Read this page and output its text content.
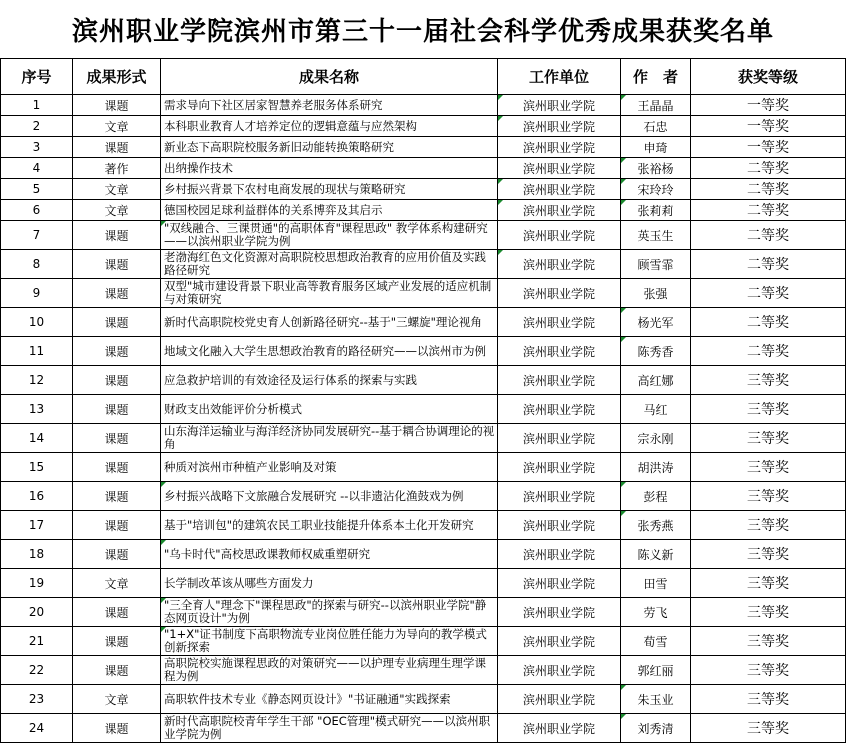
滨州职业学院滨州市第三十一届社会科学优秀成果获奖名单
序号	成果形式	成果名称	工作单位	作　者	获奖等级
1	课题	需求导向下社区居家智慧养老服务体系研究	滨州职业学院	王晶晶	一等奖
2	文章	本科职业教育人才培养定位的逻辑意蕴与应然架构	滨州职业学院	石忠	一等奖
3	课题	新业态下高职院校服务新旧动能转换策略研究	滨州职业学院	申琦	一等奖
4	著作	出纳操作技术	滨州职业学院	张裕杨	二等奖
5	文章	乡村振兴背景下农村电商发展的现状与策略研究	滨州职业学院	宋玲玲	二等奖
6	文章	德国校园足球利益群体的关系博弈及其启示	滨州职业学院	张莉莉	二等奖
7	课题	"双线融合、三课贯通"的高职体育"课程思政" 教学体系构建研究——以滨州职业学院为例	滨州职业学院	英玉生	二等奖
8	课题	老渤海红色文化资源对高职院校思想政治教育的应用价值及实践路径研究	滨州职业学院	顾雪霏	二等奖
9	课题	双型"城市建设背景下职业高等教育服务区域产业发展的适应机制与对策研究	滨州职业学院	张强	二等奖
10	课题	新时代高职院校党史育人创新路径研究--基于"三螺旋"理论视角	滨州职业学院	杨光军	二等奖
11	课题	地域文化融入大学生思想政治教育的路径研究——以滨州市为例	滨州职业学院	陈秀香	二等奖
12	课题	应急救护培训的有效途径及运行体系的探索与实践	滨州职业学院	高红娜	三等奖
13	课题	财政支出效能评价分析模式	滨州职业学院	马红	三等奖
14	课题	山东海洋运输业与海洋经济协同发展研究--基于耦合协调理论的视角	滨州职业学院	宗永刚	三等奖
15	课题	种质对滨州市种植产业影响及对策	滨州职业学院	胡洪涛	三等奖
16	课题	乡村振兴战略下文旅融合发展研究 --以非遗沾化渔鼓戏为例	滨州职业学院	彭程	三等奖
17	课题	基于"培训包"的建筑农民工职业技能提升体系本土化开发研究	滨州职业学院	张秀燕	三等奖
18	课题	"乌卡时代"高校思政课教师权威重塑研究	滨州职业学院	陈义新	三等奖
19	文章	长学制改革该从哪些方面发力	滨州职业学院	田雪	三等奖
20	课题	"三全育人"理念下"课程思政"的探索与研究--以滨州职业学院"静态网页设计"为例	滨州职业学院	劳飞	三等奖
21	课题	"1+X"证书制度下高职物流专业岗位胜任能力为导向的教学模式创新探索	滨州职业学院	荀雪	三等奖
22	课题	高职院校实施课程思政的对策研究——以护理专业病理生理学课程为例	滨州职业学院	郭红丽	三等奖
23	文章	高职软件技术专业《静态网页设计》"书证融通"实践探索	滨州职业学院	朱玉业	三等奖
24	课题	新时代高职院校青年学生干部 "OEC管理"模式研究——以滨州职业学院为例	滨州职业学院	刘秀清	三等奖
